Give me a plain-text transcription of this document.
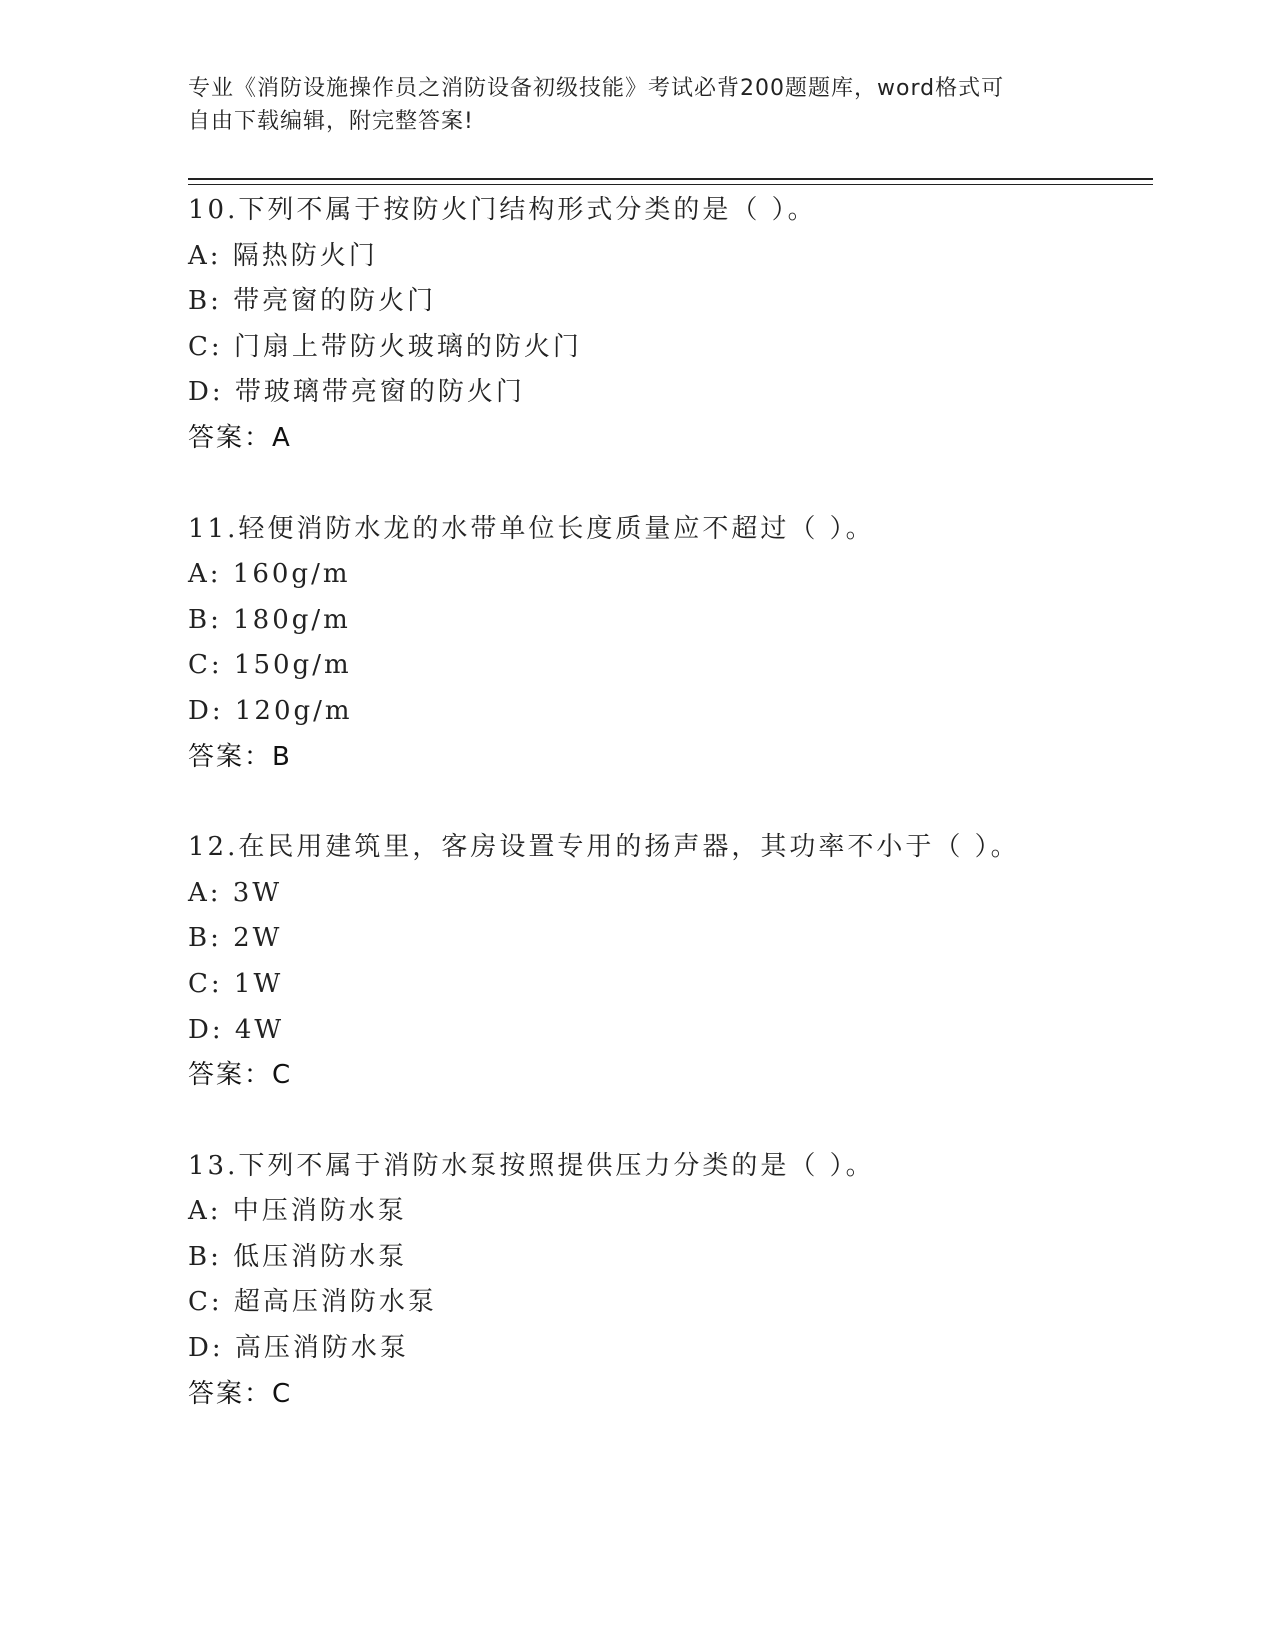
专业《消防设施操作员之消防设备初级技能》考试必背200题题库，word格式可
自由下载编辑，附完整答案!
10.下列不属于按防火门结构形式分类的是（ ）。
A: 隔热防火门
B: 带亮窗的防火门
C: 门扇上带防火玻璃的防火门
D: 带玻璃带亮窗的防火门
答案：A
11.轻便消防水龙的水带单位长度质量应不超过（ ）。
A: 160g/m
B: 180g/m
C: 150g/m
D: 120g/m
答案：B
12.在民用建筑里，客房设置专用的扬声器，其功率不小于（ ）。
A: 3W
B: 2W
C: 1W
D: 4W
答案：C
13.下列不属于消防水泵按照提供压力分类的是（ ）。
A: 中压消防水泵
B: 低压消防水泵
C: 超高压消防水泵
D: 高压消防水泵
答案：C
